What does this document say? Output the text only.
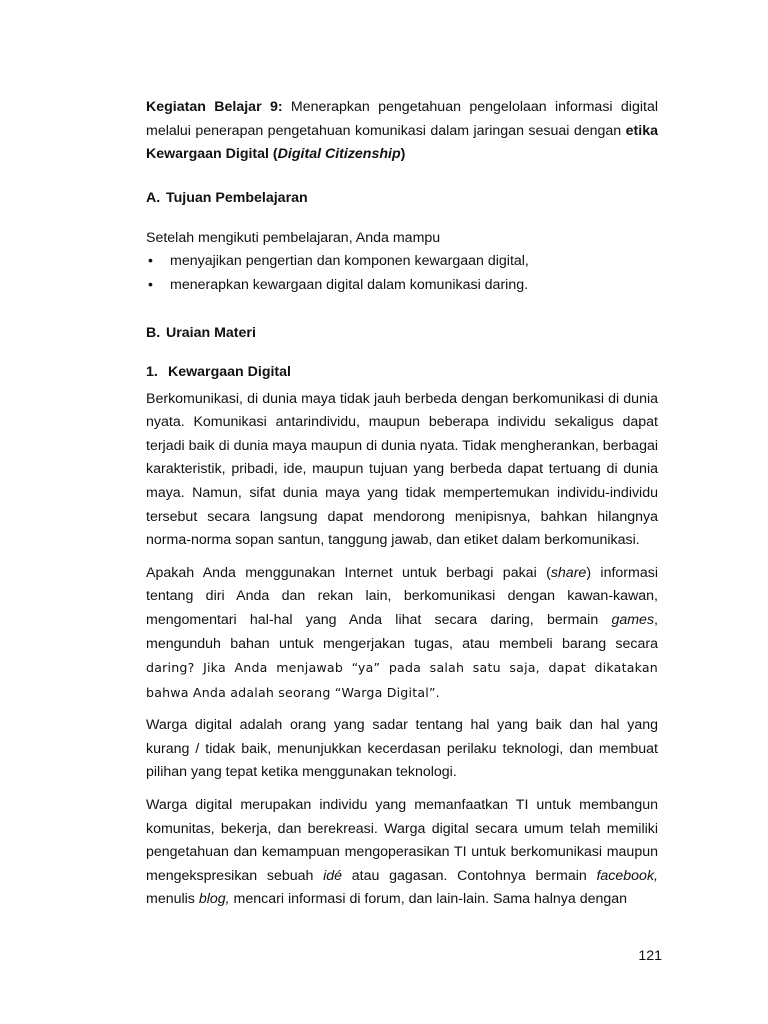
Kegiatan Belajar 9: Menerapkan pengetahuan pengelolaan informasi digital melalui penerapan pengetahuan komunikasi dalam jaringan sesuai dengan etika Kewargaan Digital (Digital Citizenship)

A. Tujuan Pembelajaran

Setelah mengikuti pembelajaran, Anda mampu

• menyajikan pengertian dan komponen kewargaan digital,
• menerapkan kewargaan digital dalam komunikasi daring.
B. Uraian Materi
1. Kewargaan Digital

Berkomunikasi, di dunia maya tidak jauh berbeda dengan berkomunikasi di dunia nyata. Komunikasi antarindividu, maupun beberapa individu sekaligus dapat terjadi baik di dunia maya maupun di dunia nyata. Tidak mengherankan, berbagai karakteristik, pribadi, ide, maupun tujuan yang berbeda dapat tertuang di dunia maya. Namun, sifat dunia maya yang tidak mempertemukan individu-individu tersebut secara langsung dapat mendorong menipisnya, bahkan hilangnya norma-norma sopan santun, tanggung jawab, dan etiket dalam berkomunikasi.

Apakah Anda menggunakan Internet untuk berbagi pakai (share) informasi tentang diri Anda dan rekan lain, berkomunikasi dengan kawan-kawan, mengomentari hal-hal yang Anda lihat secara daring, bermain games, mengunduh bahan untuk mengerjakan tugas, atau membeli barang secara daring? Jika Anda menjawab “ya” pada salah satu saja, dapat dikatakan bahwa Anda adalah seorang “Warga Digital”.

Warga digital adalah orang yang sadar tentang hal yang baik dan hal yang kurang / tidak baik, menunjukkan kecerdasan perilaku teknologi, dan membuat pilihan yang tepat ketika menggunakan teknologi.

Warga digital merupakan individu yang memanfaatkan TI untuk membangun komunitas, bekerja, dan berekreasi. Warga digital secara umum telah memiliki pengetahuan dan kemampuan mengoperasikan TI untuk berkomunikasi maupun mengekspresikan sebuah idé atau gagasan. Contohnya bermain facebook, menulis blog, mencari informasi di forum, dan lain-lain. Sama halnya dengan

121
